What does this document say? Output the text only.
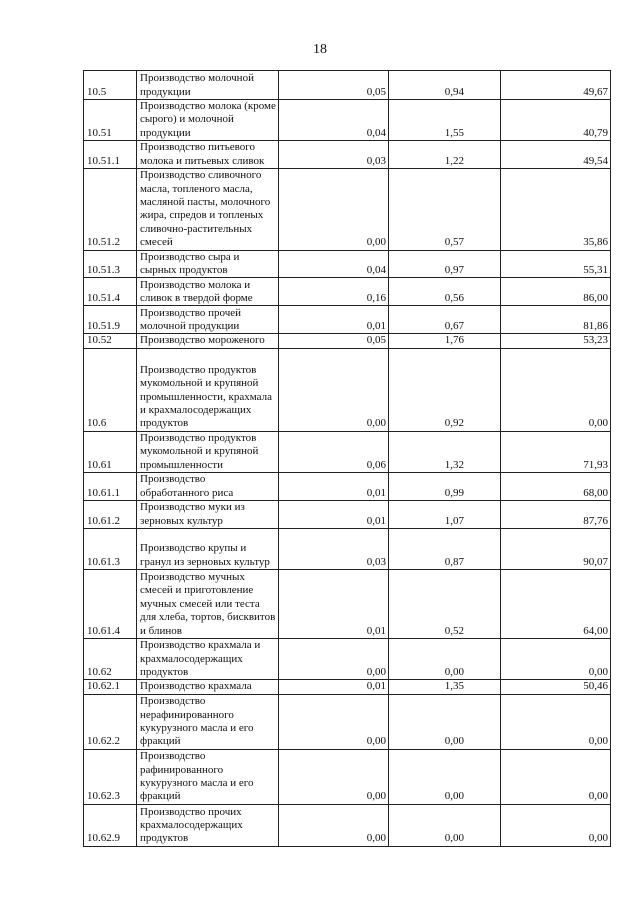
18
10.5	Производство молочной продукции	0,05	0,94	49,67
10.51	Производство молока (кроме сырого) и молочной продукции	0,04	1,55	40,79
10.51.1	Производство питьевого молока и питьевых сливок	0,03	1,22	49,54
10.51.2	Производство сливочного масла, топленого масла, масляной пасты, молочного жира, спредов и топленых сливочно-растительных смесей	0,00	0,57	35,86
10.51.3	Производство сыра и сырных продуктов	0,04	0,97	55,31
10.51.4	Производство молока и сливок в твердой форме	0,16	0,56	86,00
10.51.9	Производство прочей молочной продукции	0,01	0,67	81,86
10.52	Производство мороженого	0,05	1,76	53,23
10.6	Производство продуктов мукомольной и крупяной промышленности, крахмала и крахмалосодержащих продуктов	0,00	0,92	0,00
10.61	Производство продуктов мукомольной и крупяной промышленности	0,06	1,32	71,93
10.61.1	Производство обработанного риса	0,01	0,99	68,00
10.61.2	Производство муки из зерновых культур	0,01	1,07	87,76
10.61.3	Производство крупы и гранул из зерновых культур	0,03	0,87	90,07
10.61.4	Производство мучных смесей и приготовление мучных смесей или теста для хлеба, тортов, бисквитов и блинов	0,01	0,52	64,00
10.62	Производство крахмала и крахмалосодержащих продуктов	0,00	0,00	0,00
10.62.1	Производство крахмала	0,01	1,35	50,46
10.62.2	Производство нерафинированного кукурузного масла и его фракций	0,00	0,00	0,00
10.62.3	Производство рафинированного кукурузного масла и его фракций	0,00	0,00	0,00
10.62.9	Производство прочих крахмалосодержащих продуктов	0,00	0,00	0,00
